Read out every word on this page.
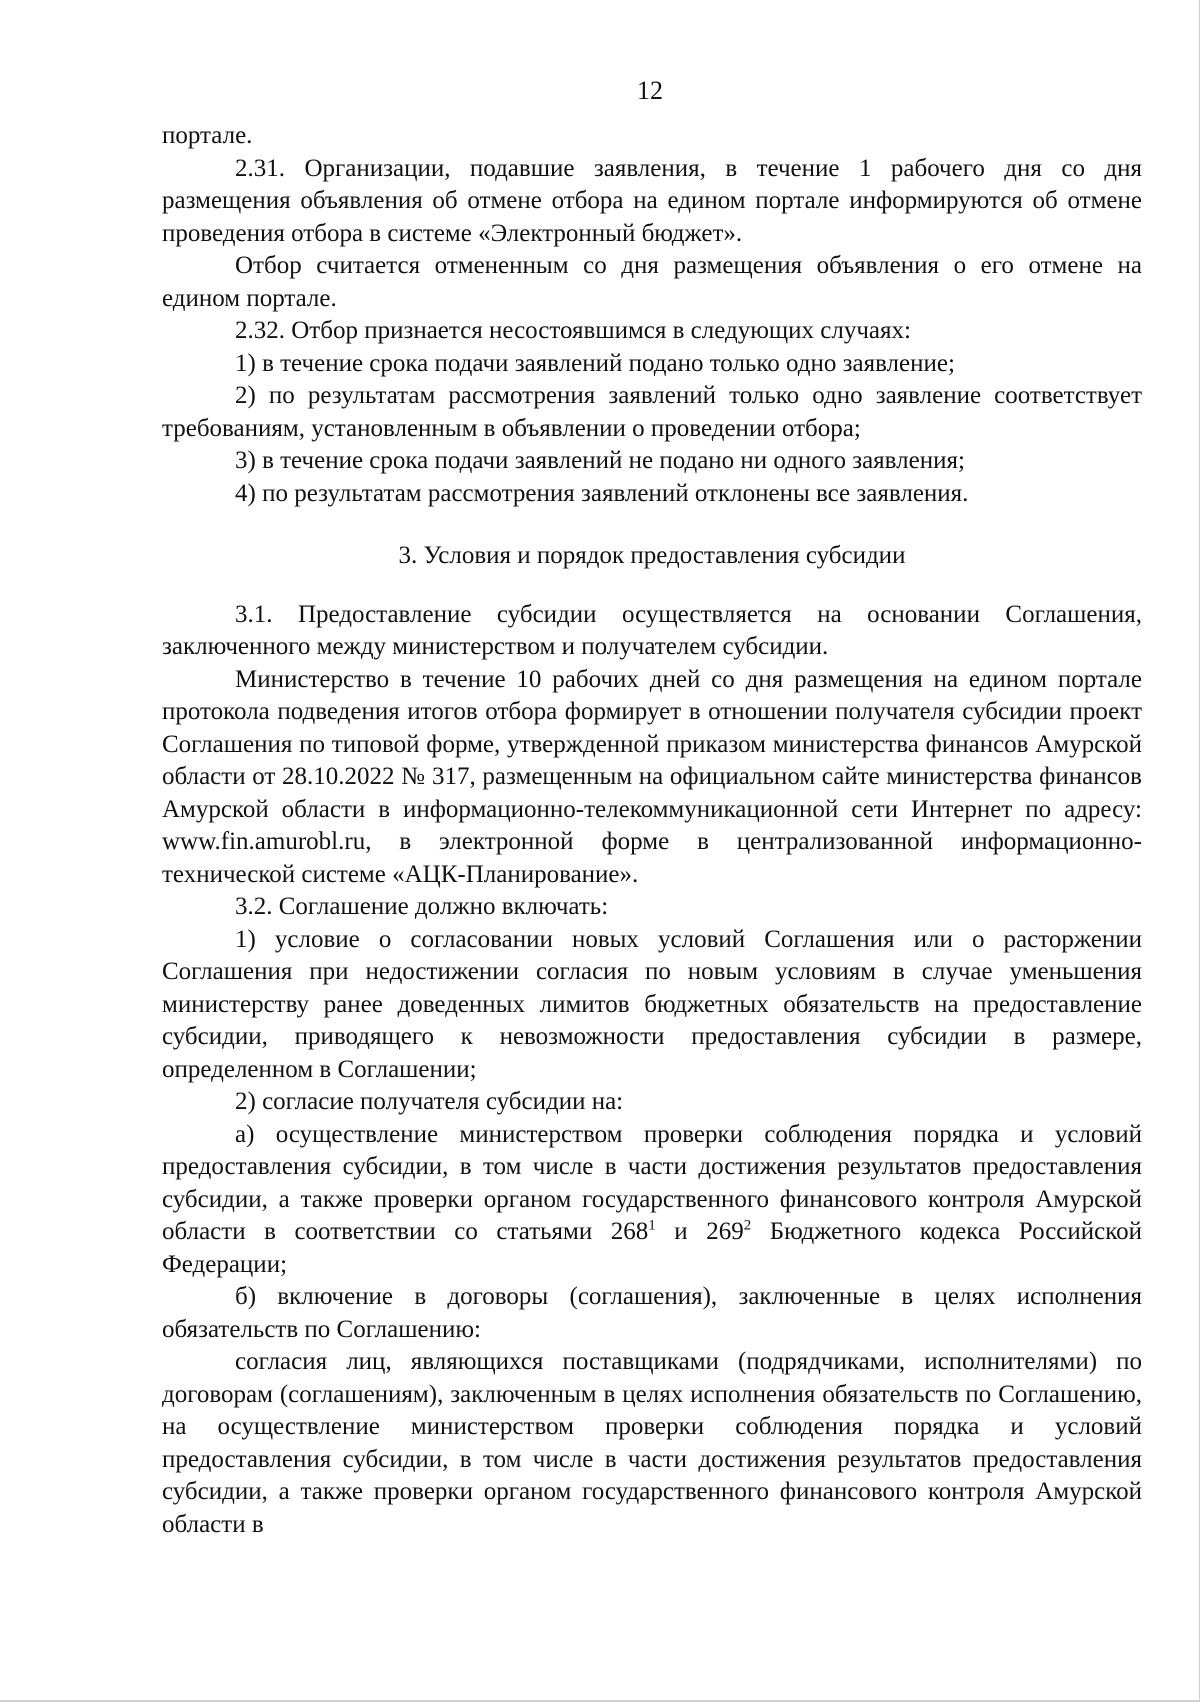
12

порталe.

2.31. Организации, подавшие заявления, в течение 1 рабочего дня со дня размещения объявления об отмене отбора на едином портале информируются об отмене проведения отбора в системе «Электронный бюджет».

Отбор считается отмененным со дня размещения объявления о его отмене на едином портале.

2.32. Отбор признается несостоявшимся в следующих случаях:

1) в течение срока подачи заявлений подано только одно заявление;

2) по результатам рассмотрения заявлений только одно заявление соответствует требованиям, установленным в объявлении о проведении отбора;

3) в течение срока подачи заявлений не подано ни одного заявления;

4) по результатам рассмотрения заявлений отклонены все заявления.

3. Условия и порядок предоставления субсидии

3.1. Предоставление субсидии осуществляется на основании Соглашения, заключенного между министерством и получателем субсидии.

Министерство в течение 10 рабочих дней со дня размещения на едином портале протокола подведения итогов отбора формирует в отношении получателя субсидии проект Соглашения по типовой форме, утвержденной приказом министерства финансов Амурской области от 28.10.2022 № 317, размещенным на официальном сайте министерства финансов Амурской области в информационно-телекоммуникационной сети Интернет по адресу: www.fin.amurobl.ru, в электронной форме в централизованной информационно-технической системе «АЦК-Планирование».

3.2. Соглашение должно включать:

1) условие о согласовании новых условий Соглашения или о расторжении Соглашения при недостижении согласия по новым условиям в случае уменьшения министерству ранее доведенных лимитов бюджетных обязательств на предоставление субсидии, приводящего к невозможности предоставления субсидии в размере, определенном в Соглашении;

2) согласие получателя субсидии на:

а) осуществление министерством проверки соблюдения порядка и условий предоставления субсидии, в том числе в части достижения результатов предоставления субсидии, а также проверки органом государственного финансового контроля Амурской области в соответствии со статьями $268^1$ и $269^2$ Бюджетного кодекса Российской Федерации;

б) включение в договоры (соглашения), заключенные в целях исполнения обязательств по Соглашению:

согласия лиц, являющихся поставщиками (подрядчиками, исполнителями) по договорам (соглашениям), заключенным в целях исполнения обязательств по Соглашению, на осуществление министерством проверки соблюдения порядка и условий предоставления субсидии, в том числе в части достижения результатов предоставления субсидии, а также проверки органом государственного финансового контроля Амурской области в
